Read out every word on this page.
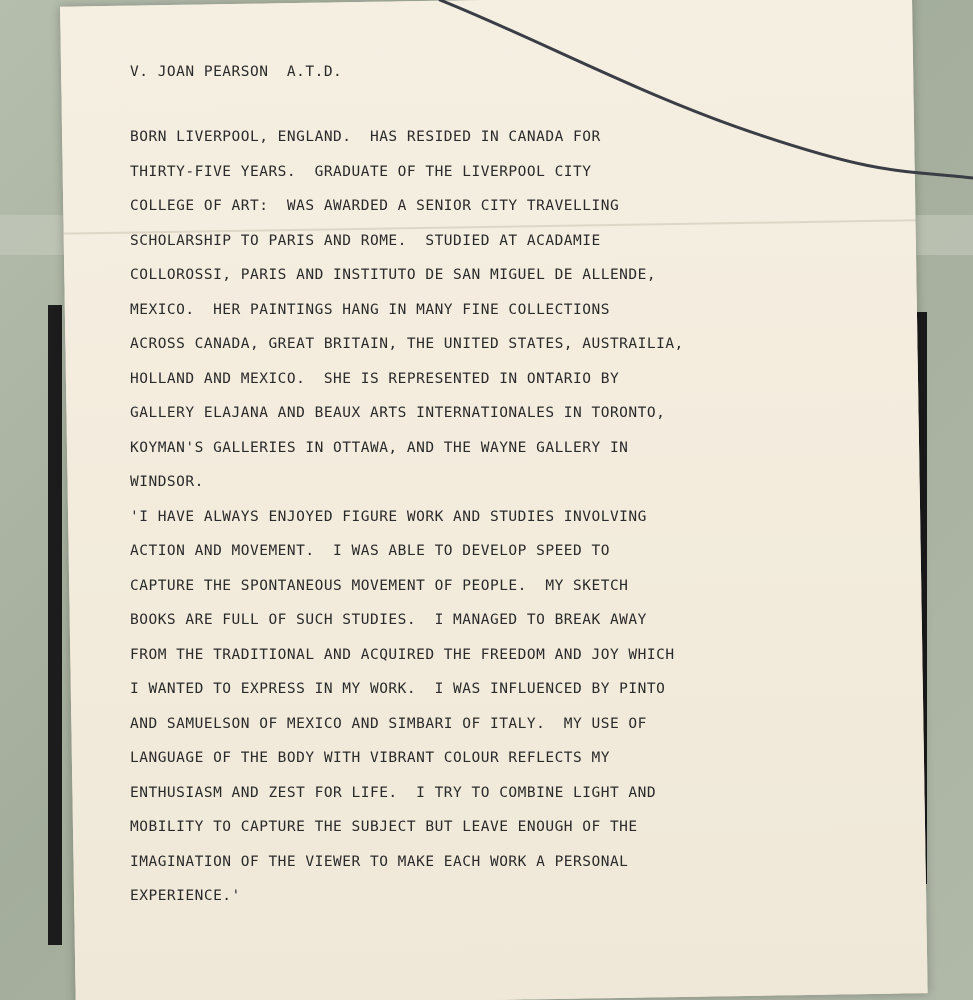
V. JOAN PEARSON  A.T.D.
BORN LIVERPOOL, ENGLAND.  HAS RESIDED IN CANADA FOR
THIRTY-FIVE YEARS.  GRADUATE OF THE LIVERPOOL CITY
COLLEGE OF ART:  WAS AWARDED A SENIOR CITY TRAVELLING
SCHOLARSHIP TO PARIS AND ROME.  STUDIED AT ACADAMIE
COLLOROSSI, PARIS AND INSTITUTO DE SAN MIGUEL DE ALLENDE,
MEXICO.  HER PAINTINGS HANG IN MANY FINE COLLECTIONS
ACROSS CANADA, GREAT BRITAIN, THE UNITED STATES, AUSTRAILIA,
HOLLAND AND MEXICO.  SHE IS REPRESENTED IN ONTARIO BY
GALLERY ELAJANA AND BEAUX ARTS INTERNATIONALES IN TORONTO,
KOYMAN'S GALLERIES IN OTTAWA, AND THE WAYNE GALLERY IN
WINDSOR.
'I HAVE ALWAYS ENJOYED FIGURE WORK AND STUDIES INVOLVING
ACTION AND MOVEMENT.  I WAS ABLE TO DEVELOP SPEED TO
CAPTURE THE SPONTANEOUS MOVEMENT OF PEOPLE.  MY SKETCH
BOOKS ARE FULL OF SUCH STUDIES.  I MANAGED TO BREAK AWAY
FROM THE TRADITIONAL AND ACQUIRED THE FREEDOM AND JOY WHICH
I WANTED TO EXPRESS IN MY WORK.  I WAS INFLUENCED BY PINTO
AND SAMUELSON OF MEXICO AND SIMBARI OF ITALY.  MY USE OF
LANGUAGE OF THE BODY WITH VIBRANT COLOUR REFLECTS MY
ENTHUSIASM AND ZEST FOR LIFE.  I TRY TO COMBINE LIGHT AND
MOBILITY TO CAPTURE THE SUBJECT BUT LEAVE ENOUGH OF THE
IMAGINATION OF THE VIEWER TO MAKE EACH WORK A PERSONAL
EXPERIENCE.'
